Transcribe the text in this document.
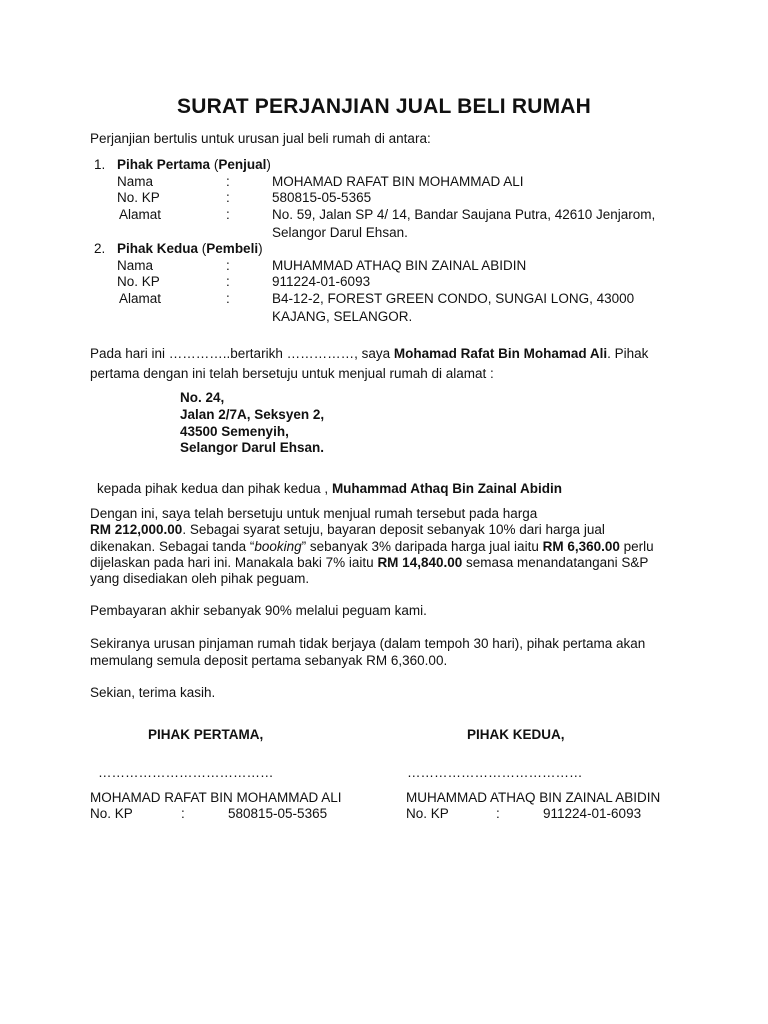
SURAT PERJANJIAN JUAL BELI RUMAH
Perjanjian bertulis untuk urusan jual beli rumah di antara:
1. Pihak Pertama (Penjual)
Nama	:	MOHAMAD RAFAT BIN MOHAMMAD ALI
No. KP	:	580815-05-5365
Alamat	:	No. 59, Jalan SP 4/ 14, Bandar Saujana Putra, 42610 Jenjarom,
Selangor Darul Ehsan.
2. Pihak Kedua (Pembeli)
Nama	:	MUHAMMAD ATHAQ BIN ZAINAL ABIDIN
No. KP	:	911224-01-6093
Alamat	:	B4-12-2, FOREST GREEN CONDO, SUNGAI LONG, 43000
KAJANG, SELANGOR.
Pada hari ini …………..bertarikh ……………, saya Mohamad Rafat Bin Mohamad Ali. Pihak
pertama dengan ini telah bersetuju untuk menjual rumah di alamat :
No. 24,
Jalan 2/7A, Seksyen 2,
43500 Semenyih,
Selangor Darul Ehsan.
kepada pihak kedua dan pihak kedua , Muhammad Athaq Bin Zainal Abidin
Dengan ini, saya telah bersetuju untuk menjual rumah tersebut pada harga
RM 212,000.00. Sebagai syarat setuju, bayaran deposit sebanyak 10% dari harga jual
dikenakan. Sebagai tanda “booking” sebanyak 3% daripada harga jual iaitu RM 6,360.00 perlu
dijelaskan pada hari ini. Manakala baki 7% iaitu RM 14,840.00 semasa menandatangani S&P
yang disediakan oleh pihak peguam.
Pembayaran akhir sebanyak 90% melalui peguam kami.
Sekiranya urusan pinjaman rumah tidak berjaya (dalam tempoh 30 hari), pihak pertama akan
memulang semula deposit pertama sebanyak RM 6,360.00.
Sekian, terima kasih.
PIHAK PERTAMA,
…………………………………
MOHAMAD RAFAT BIN MOHAMMAD ALI
No. KP	:	580815-05-5365
PIHAK KEDUA,
…………………………………
MUHAMMAD ATHAQ BIN ZAINAL ABIDIN
No. KP	:	911224-01-6093
